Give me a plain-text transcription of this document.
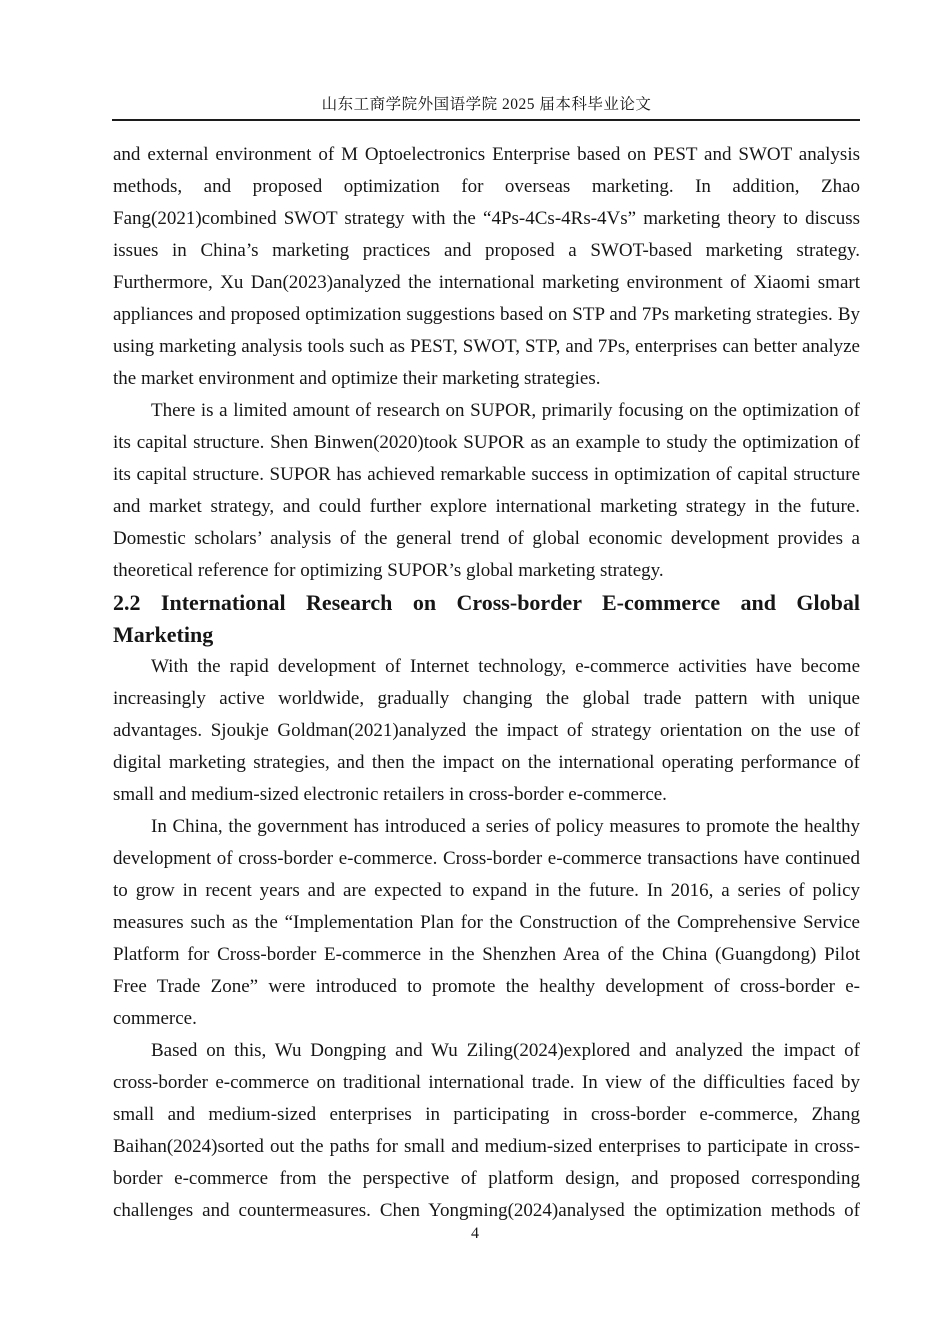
山东工商学院外国语学院 2025 届本科毕业论文

and external environment of M Optoelectronics Enterprise based on PEST and SWOT analysis methods, and proposed optimization for overseas marketing. In addition, Zhao Fang(2021)combined SWOT strategy with the “4Ps-4Cs-4Rs-4Vs” marketing theory to discuss issues in China’s marketing practices and proposed a SWOT-based marketing strategy. Furthermore, Xu Dan(2023)analyzed the international marketing environment of Xiaomi smart appliances and proposed optimization suggestions based on STP and 7Ps marketing strategies. By using marketing analysis tools such as PEST, SWOT, STP, and 7Ps, enterprises can better analyze the market environment and optimize their marketing strategies.

There is a limited amount of research on SUPOR, primarily focusing on the optimization of its capital structure. Shen Binwen(2020)took SUPOR as an example to study the optimization of its capital structure. SUPOR has achieved remarkable success in optimization of capital structure and market strategy, and could further explore international marketing strategy in the future. Domestic scholars’ analysis of the general trend of global economic development provides a theoretical reference for optimizing SUPOR’s global marketing strategy.

2.2 International Research on Cross-border E-commerce and Global Marketing

With the rapid development of Internet technology, e-commerce activities have become increasingly active worldwide, gradually changing the global trade pattern with unique advantages. Sjoukje Goldman(2021)analyzed the impact of strategy orientation on the use of digital marketing strategies, and then the impact on the international operating performance of small and medium-sized electronic retailers in cross-border e-commerce.

In China, the government has introduced a series of policy measures to promote the healthy development of cross-border e-commerce. Cross-border e-commerce transactions have continued to grow in recent years and are expected to expand in the future. In 2016, a series of policy measures such as the “Implementation Plan for the Construction of the Comprehensive Service Platform for Cross-border E-commerce in the Shenzhen Area of the China (Guangdong) Pilot Free Trade Zone” were introduced to promote the healthy development of cross-border e-commerce.

Based on this, Wu Dongping and Wu Ziling(2024)explored and analyzed the impact of cross-border e-commerce on traditional international trade. In view of the difficulties faced by small and medium-sized enterprises in participating in cross-border e-commerce, Zhang Baihan(2024)sorted out the paths for small and medium-sized enterprises to participate in cross-border e-commerce from the perspective of platform design, and proposed corresponding challenges and countermeasures. Chen Yongming(2024)analysed the optimization methods of

4
